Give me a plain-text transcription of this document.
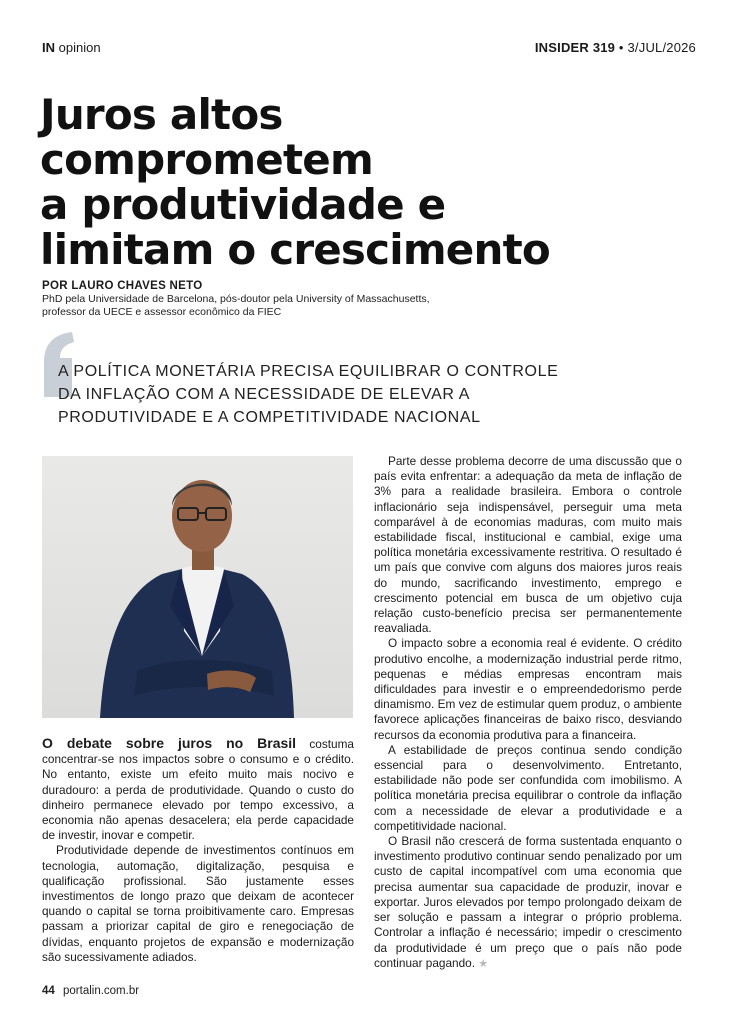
IN opinion	INSIDER 319 • 3/JUL/2026
Juros altos
comprometem
a produtividade e
limitam o crescimento
POR LAURO CHAVES NETO
PhD pela Universidade de Barcelona, pós-doutor pela University of Massachusetts,
professor da UECE e assessor econômico da FIEC
A POLÍTICA MONETÁRIA PRECISA EQUILIBRAR O CONTROLE
DA INFLAÇÃO COM A NECESSIDADE DE ELEVAR A
PRODUTIVIDADE E A COMPETITIVIDADE NACIONAL

O debate sobre juros no Brasil costuma concentrar-se nos impactos sobre o consumo e o crédito. No entanto, existe um efeito muito mais nocivo e duradouro: a perda de produtividade. Quando o custo do dinheiro permanece elevado por tempo excessivo, a economia não apenas desacelera; ela perde capacidade de investir, inovar e competir.

Produtividade depende de investimentos contínuos em tecnologia, automação, digitalização, pesquisa e qualificação profissional. São justamente esses investimentos de longo prazo que deixam de acontecer quando o capital se torna proibitivamente caro. Empresas passam a priorizar capital de giro e renegociação de dívidas, enquanto projetos de expansão e modernização são sucessivamente adiados.

Parte desse problema decorre de uma discussão que o país evita enfrentar: a adequação da meta de inflação de 3% para a realidade brasileira. Embora o controle inflacionário seja indispensável, perseguir uma meta comparável à de economias maduras, com muito mais estabilidade fiscal, institucional e cambial, exige uma política monetária excessivamente restritiva. O resultado é um país que convive com alguns dos maiores juros reais do mundo, sacrificando investimento, emprego e crescimento potencial em busca de um objetivo cuja relação custo-benefício precisa ser permanentemente reavaliada.

O impacto sobre a economia real é evidente. O crédito produtivo encolhe, a modernização industrial perde ritmo, pequenas e médias empresas encontram mais dificuldades para investir e o empreendedorismo perde dinamismo. Em vez de estimular quem produz, o ambiente favorece aplicações financeiras de baixo risco, desviando recursos da economia produtiva para a financeira.

A estabilidade de preços continua sendo condição essencial para o desenvolvimento. Entretanto, estabilidade não pode ser confundida com imobilismo. A política monetária precisa equilibrar o controle da inflação com a necessidade de elevar a produtividade e a competitividade nacional.

O Brasil não crescerá de forma sustentada enquanto o investimento produtivo continuar sendo penalizado por um custo de capital incompatível com uma economia que precisa aumentar sua capacidade de produzir, inovar e exportar. Juros elevados por tempo prolongado deixam de ser solução e passam a integrar o próprio problema. Controlar a inflação é necessário; impedir o crescimento da produtividade é um preço que o país não pode continuar pagando. ★

44 portalin.com.br
